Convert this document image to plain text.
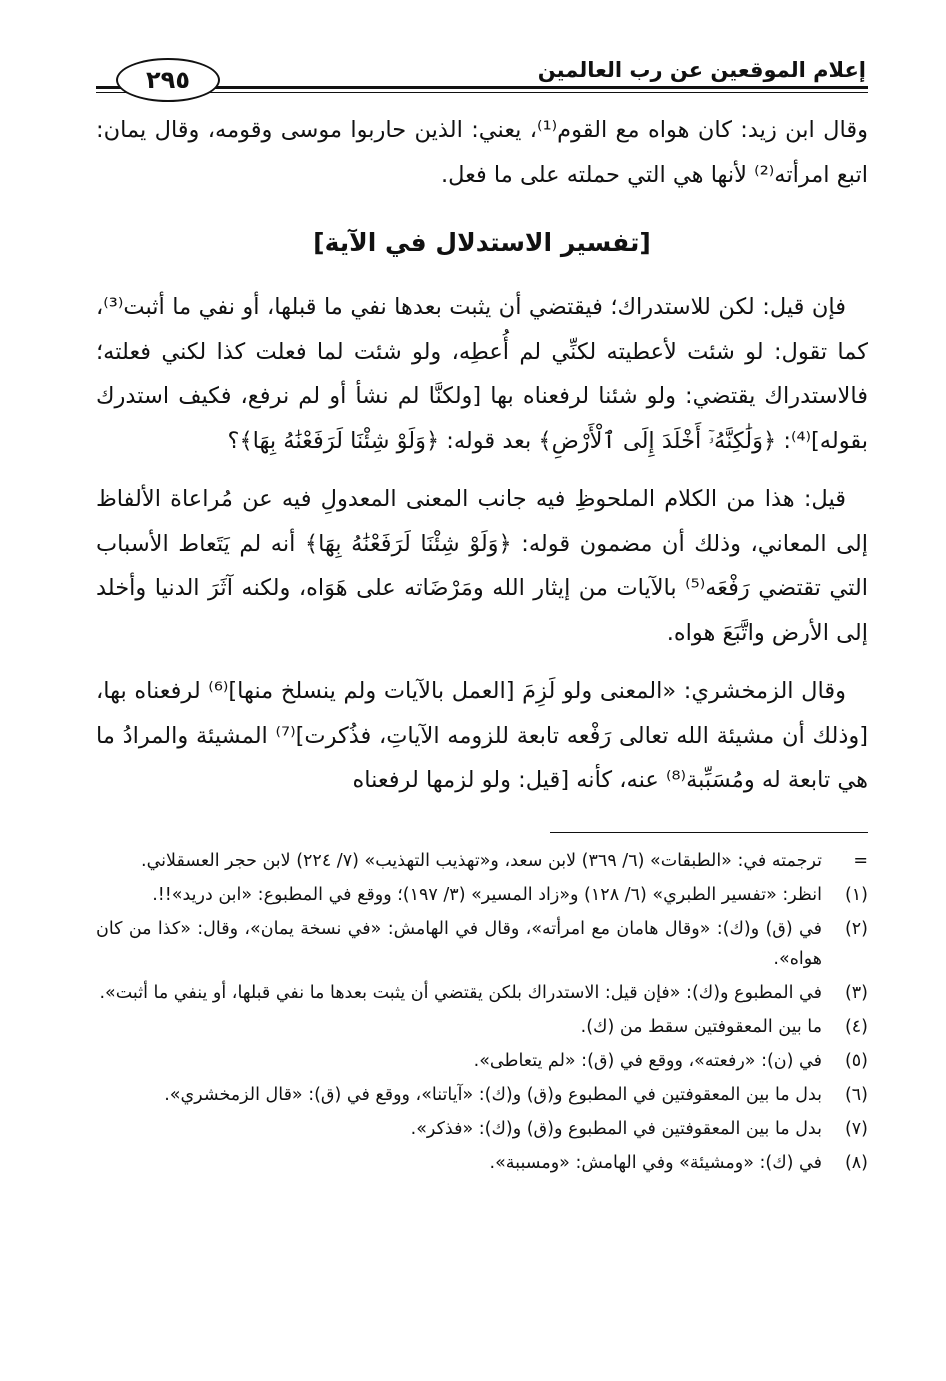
إعلام الموقعين عن رب العالمين
٢٩٥

وقال ابن زيد: كان هواه مع القوم⁽¹⁾، يعني: الذين حاربوا موسى وقومه، وقال يمان: اتبع امرأته⁽²⁾ لأنها هي التي حملته على ما فعل.

[تفسير الاستدلال في الآية]

فإن قيل: لكن للاستدراك؛ فيقتضي أن يثبت بعدها نفي ما قبلها، أو نفي ما أثبت⁽³⁾، كما تقول: لو شئت لأعطيته لكنِّي لم أُعطِه، ولو شئت لما فعلت كذا لكني فعلته؛ فالاستدراك يقتضي: ولو شئنا لرفعناه بها [ولكنَّا لم نشأ أو لم نرفع، فكيف استدرك بقوله]⁽⁴⁾: ﴿وَلَٰكِنَّهُۥٓ أَخْلَدَ إِلَى ٱلْأَرْضِ﴾ بعد قوله: ﴿وَلَوْ شِئْنَا لَرَفَعْنَٰهُ بِهَا﴾؟

قيل: هذا من الكلام الملحوظِ فيه جانب المعنى المعدولِ فيه عن مُراعاة الألفاظ إلى المعاني، وذلك أن مضمون قوله: ﴿وَلَوْ شِئْنَا لَرَفَعْنَٰهُ بِهَا﴾ أنه لم يَتَعاط الأسباب التي تقتضي رَفْعَه⁽⁵⁾ بالآيات من إيثار الله ومَرْضَاته على هَوَاه، ولكنه آثَرَ الدنيا وأخلد إلى الأرض واتَّبَعَ هواه.

وقال الزمخشري: «المعنى ولو لَزِمَ [العمل بالآيات ولم ينسلخ منها]⁽⁶⁾ لرفعناه بها، [وذلك أن مشيئة الله تعالى رَفْعه تابعة للزومه الآياتِ، فذُكرت]⁽⁷⁾ المشيئة والمرادُ ما هي تابعة له ومُسَبِّبة⁽⁸⁾ عنه، كأنه [قيل: ولو لزمها لرفعناه

=
ترجمته في: «الطبقات» (٦/ ٣٦٩) لابن سعد، و«تهذيب التهذيب» (٧/ ٢٢٤) لابن حجر العسقلاني.
(١)
انظر: «تفسير الطبري» (٦/ ١٢٨) و«زاد المسير» (٣/ ١٩٧)؛ ووقع في المطبوع: «ابن دريد»!!.
(٢)
في (ق) و(ك): «وقال هامان مع امرأته»، وقال في الهامش: «في نسخة يمان»، وقال: «كذا من كان هواه».
(٣)
في المطبوع و(ك): «فإن قيل: الاستدراك بلكن يقتضي أن يثبت بعدها ما نفي قبلها، أو ينفي ما أثبت».
(٤)
ما بين المعقوفتين سقط من (ك).
(٥)
في (ن): «رفعته»، ووقع في (ق): «لم يتعاطى».
(٦)
بدل ما بين المعقوفتين في المطبوع و(ق) و(ك): «آياتنا»، ووقع في (ق): «قال الزمخشري».
(٧)
بدل ما بين المعقوفتين في المطبوع و(ق) و(ك): «فذكر».
(٨)
في (ك): «ومشيئة» وفي الهامش: «ومسببة».
